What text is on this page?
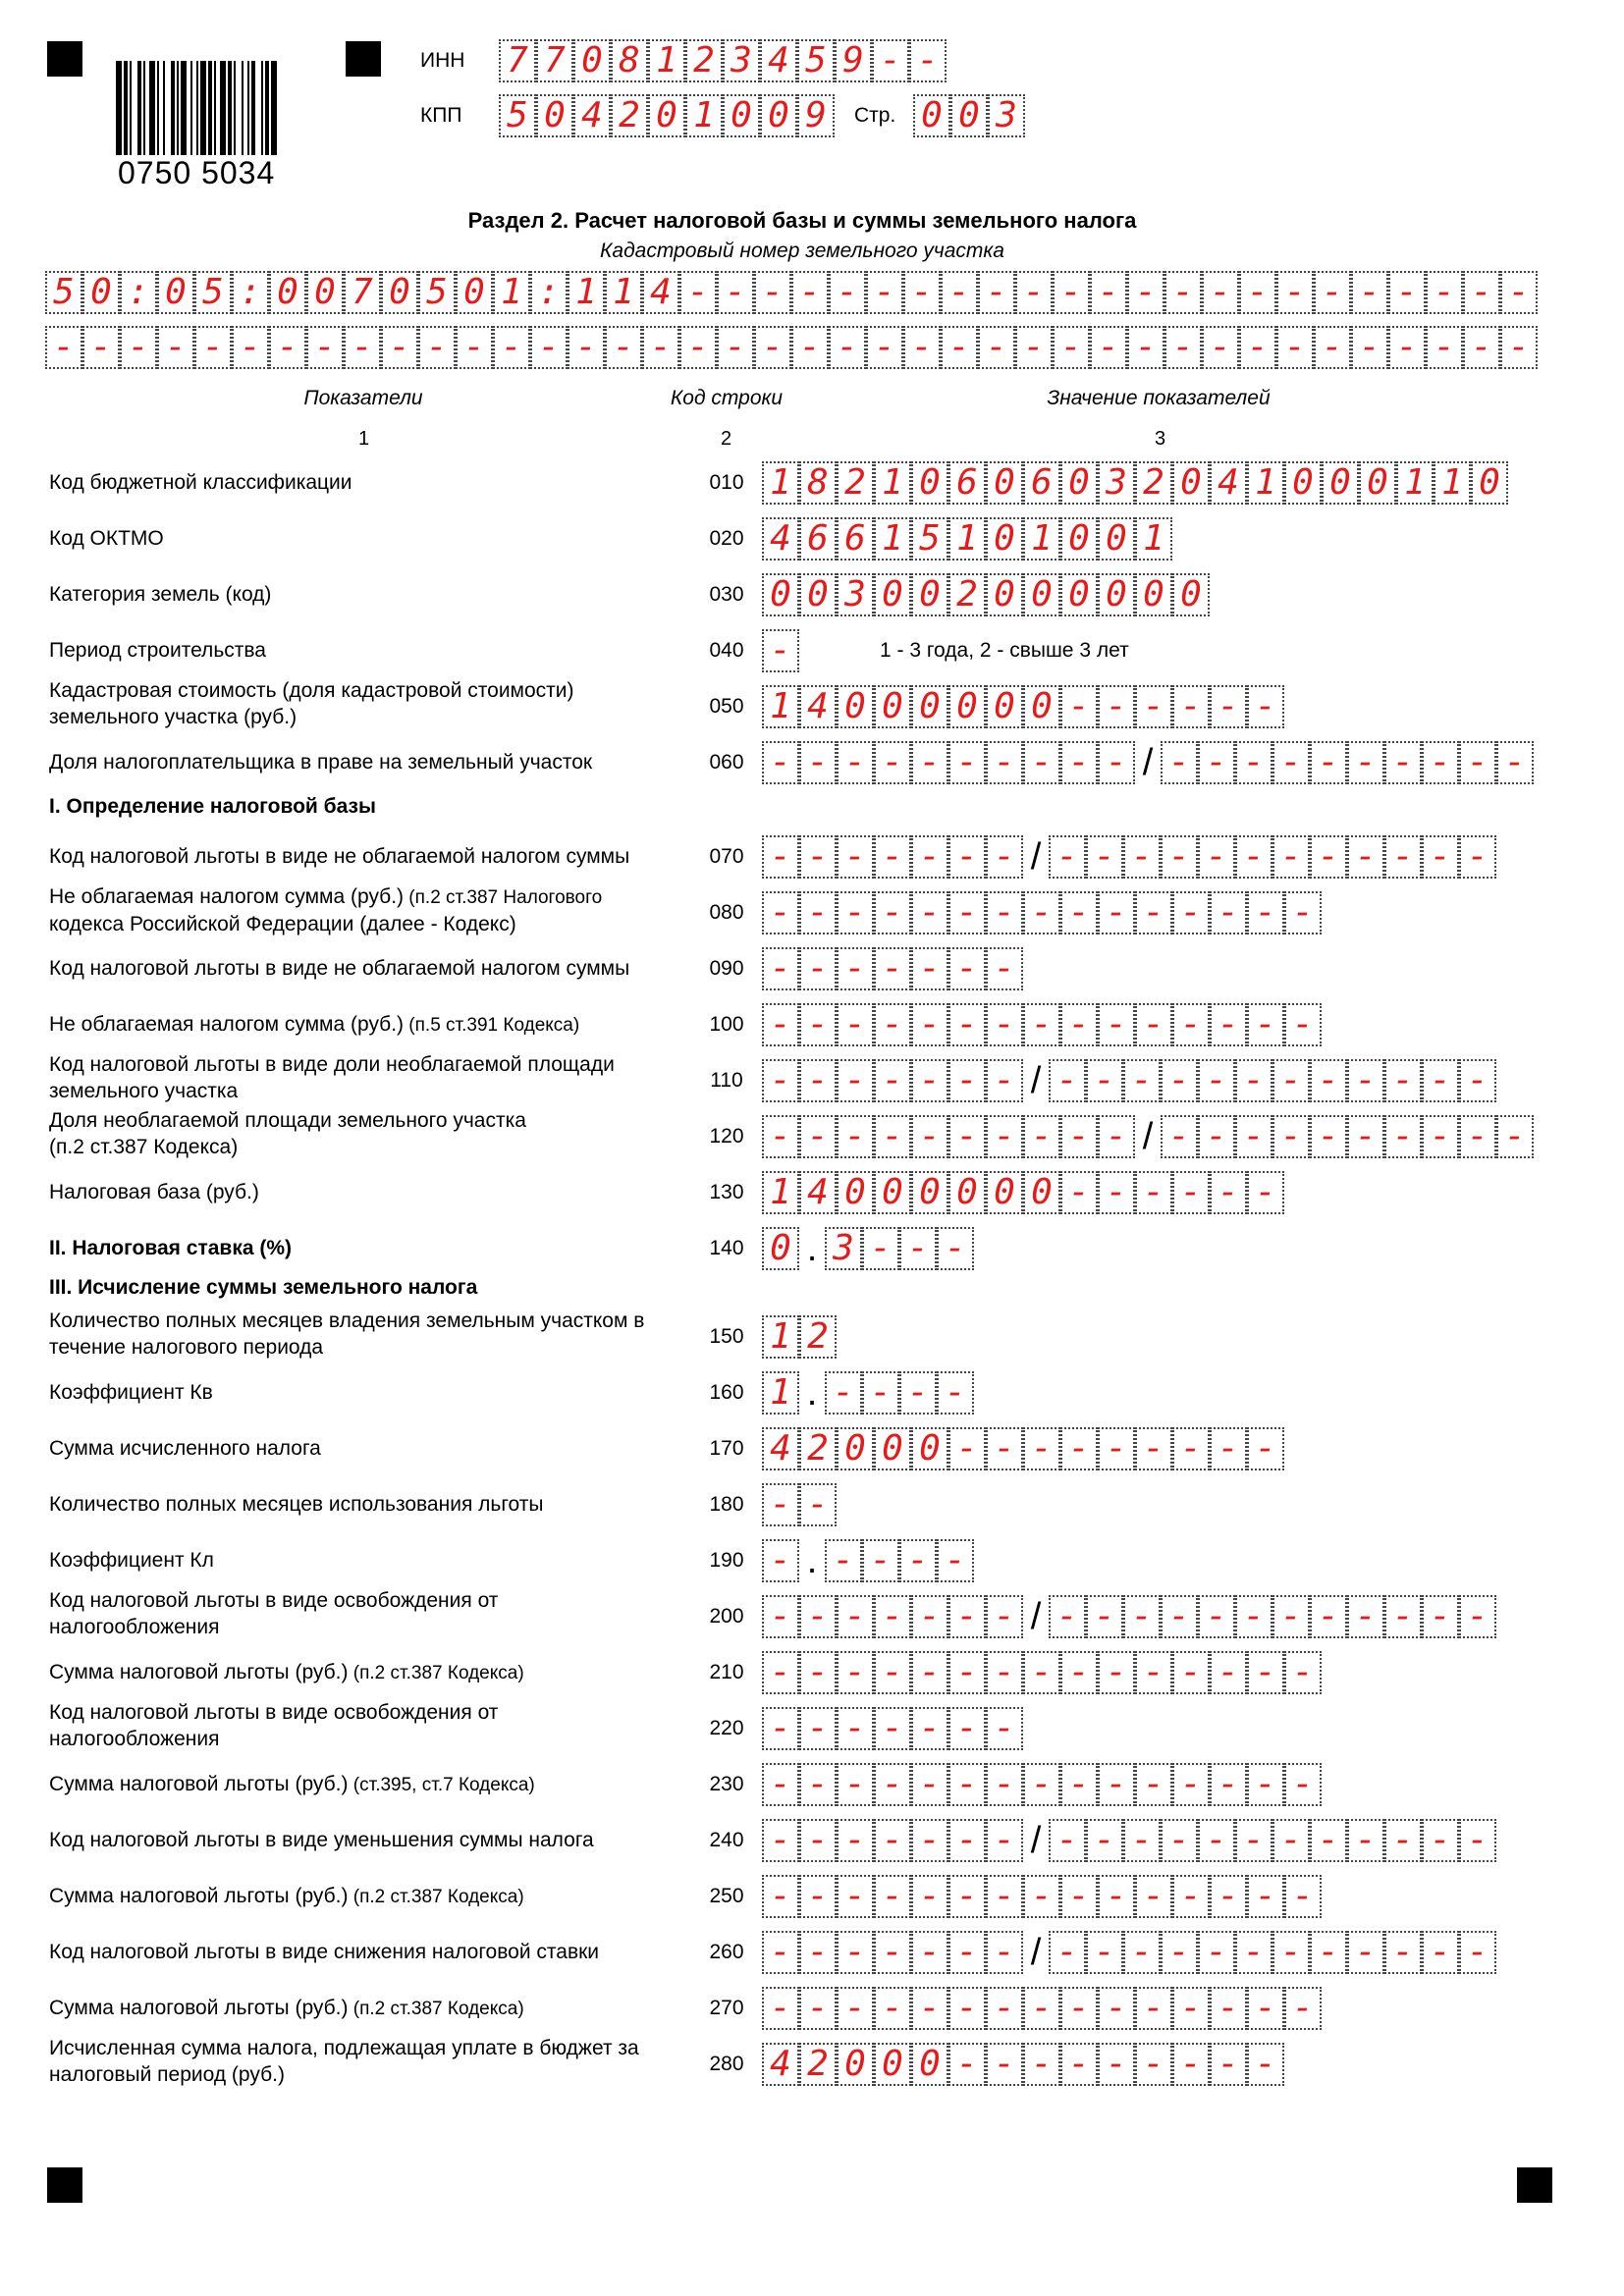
0750 5034
ИНН 7 7 0 8 1 2 3 4 5 9 - -
КПП 5 0 4 2 0 1 0 0 9	Стр. 0 0 3
Раздел 2. Расчет налоговой базы и суммы земельного налога
Кадастровый номер земельного участка
5 0 : 0 5 : 0 0 7 0 5 0 1 : 1 1 4 - - - - - - - - - - - - - - - - - - - - - - -
- - - - - - - - - - - - - - - - - - - - - - - - - - - - - - - - - - - - - - - -
Показатели	Код строки	Значение показателей
1	2	3
I. Определение налоговой базы
III. Исчисление суммы земельного налога
Код бюджетной классификации	010 1 8 2 1 0 6 0 6 0 3 2 0 4 1 0 0 0 1 1 0
Код ОКТМО	020 4 6 6 1 5 1 0 1 0 0 1
Категория земель (код)	030 0 0 3 0 0 2 0 0 0 0 0 0
Период строительства	040 -	1 - 3 года, 2 - свыше 3 лет
Кадастровая стоимость (доля кадастровой стоимости)
земельного участка (руб.)	050 1 4 0 0 0 0 0 0 - - - - - -
Доля налогоплательщика в праве на земельный участок	060 - - - - - - - - - - / - - - - - - - - - -
Код налоговой льготы в виде не облагаемой налогом суммы	070 - - - - - - - / - - - - - - - - - - - -
Не облагаемая налогом сумма (руб.) (п.2 ст.387 Налогового
кодекса Российской Федерации (далее - Кодекс)
080 - - - - - - - - - - - - - - -
Код налоговой льготы в виде не облагаемой налогом суммы	090 - - - - - - -
Не облагаемая налогом сумма (руб.) (п.5 ст.391 Кодекса)	100 - - - - - - - - - - - - - - -
Код налоговой льготы в виде доли необлагаемой площади
земельного участка	110 - - - - - - - / - - - - - - - - - - - -
Доля необлагаемой площади земельного участка
(п.2 ст.387 Кодекса)	120 - - - - - - - - - - / - - - - - - - - - -
Налоговая база (руб.)	130 1 4 0 0 0 0 0 0 - - - - - -
II. Налоговая ставка (%)	140 0 . 3 - - -
Количество полных месяцев владения земельным участком в
течение налогового периода	150 1 2
Коэффициент Кв	160 1 . - - - -
Сумма исчисленного налога	170 4 2 0 0 0 - - - - - - - - -
Количество полных месяцев использования льготы	180 - -
Коэффициент Кл	190 - . - - - -
Код налоговой льготы в виде освобождения от
налогообложения	200 - - - - - - - / - - - - - - - - - - - -
Сумма налоговой льготы (руб.) (п.2 ст.387 Кодекса)	210 - - - - - - - - - - - - - - -
Код налоговой льготы в виде освобождения от
налогообложения	220 - - - - - - -
Сумма налоговой льготы (руб.) (ст.395, ст.7 Кодекса)	230 - - - - - - - - - - - - - - -
Код налоговой льготы в виде уменьшения суммы налога	240 - - - - - - - / - - - - - - - - - - - -
Сумма налоговой льготы (руб.) (п.2 ст.387 Кодекса)	250 - - - - - - - - - - - - - - -
Код налоговой льготы в виде снижения налоговой ставки	260 - - - - - - - / - - - - - - - - - - - -
Сумма налоговой льготы (руб.) (п.2 ст.387 Кодекса)	270 - - - - - - - - - - - - - - -
Исчисленная сумма налога, подлежащая уплате в бюджет за
налоговый период (руб.)	280 4 2 0 0 0 - - - - - - - - -
